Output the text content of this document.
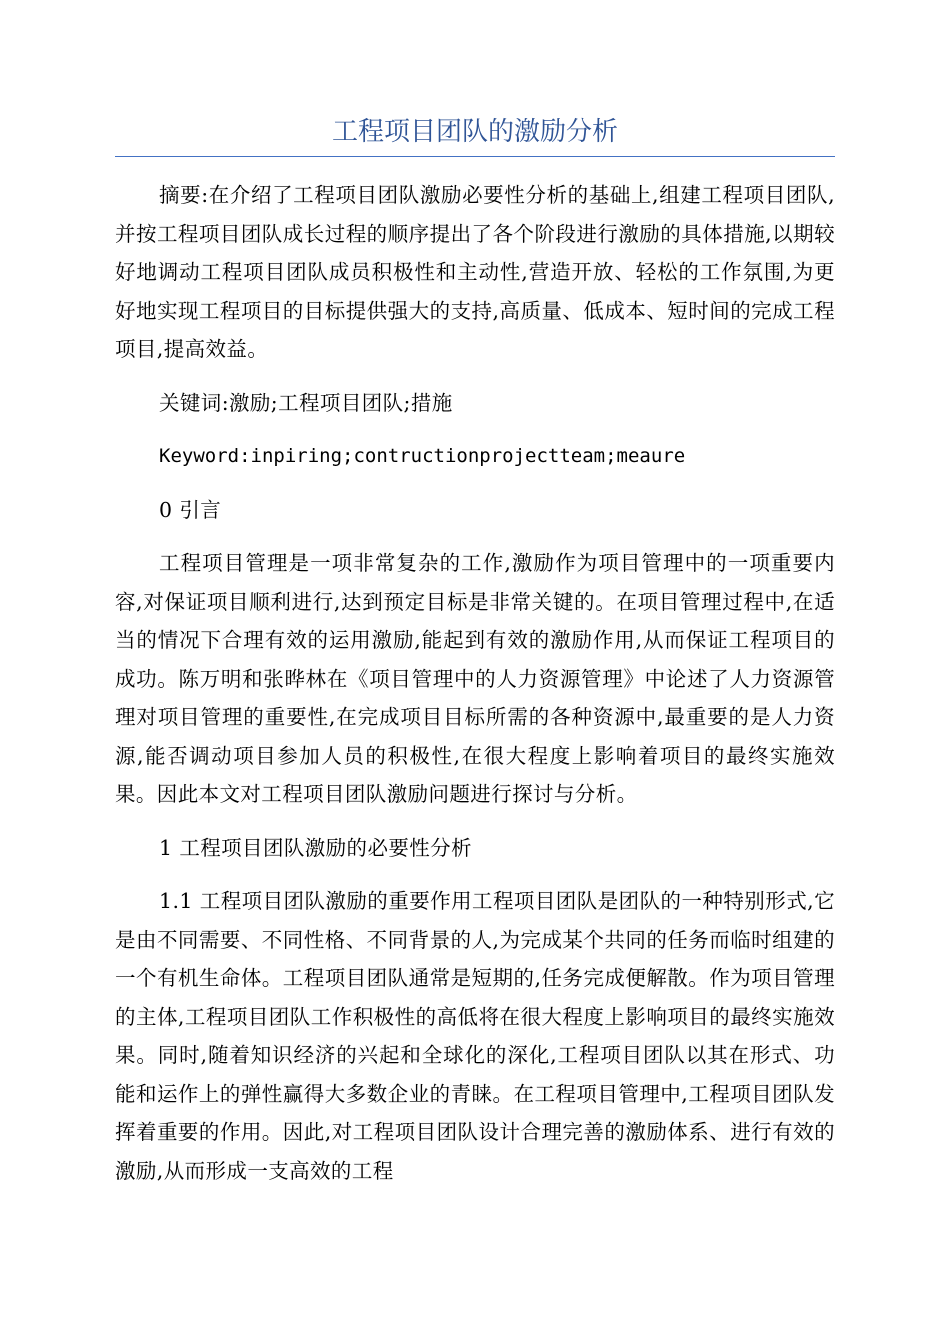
工程项目团队的激励分析

摘要:在介绍了工程项目团队激励必要性分析的基础上,组建工程项目团队,并按工程项目团队成长过程的顺序提出了各个阶段进行激励的具体措施,以期较好地调动工程项目团队成员积极性和主动性,营造开放、轻松的工作氛围,为更好地实现工程项目的目标提供强大的支持,高质量、低成本、短时间的完成工程项目,提高效益。

关键词:激励;工程项目团队;措施

Keyword:inpiring;contructionprojectteam;meaure

0 引言

工程项目管理是一项非常复杂的工作,激励作为项目管理中的一项重要内容,对保证项目顺利进行,达到预定目标是非常关键的。在项目管理过程中,在适当的情况下合理有效的运用激励,能起到有效的激励作用,从而保证工程项目的成功。陈万明和张晔林在《项目管理中的人力资源管理》中论述了人力资源管理对项目管理的重要性,在完成项目目标所需的各种资源中,最重要的是人力资源,能否调动项目参加人员的积极性,在很大程度上影响着项目的最终实施效果。因此本文对工程项目团队激励问题进行探讨与分析。

1 工程项目团队激励的必要性分析

1.1 工程项目团队激励的重要作用工程项目团队是团队的一种特别形式,它是由不同需要、不同性格、不同背景的人,为完成某个共同的任务而临时组建的一个有机生命体。工程项目团队通常是短期的,任务完成便解散。作为项目管理的主体,工程项目团队工作积极性的高低将在很大程度上影响项目的最终实施效果。同时,随着知识经济的兴起和全球化的深化,工程项目团队以其在形式、功能和运作上的弹性赢得大多数企业的青睐。在工程项目管理中,工程项目团队发挥着重要的作用。因此,对工程项目团队设计合理完善的激励体系、进行有效的激励,从而形成一支高效的工程
